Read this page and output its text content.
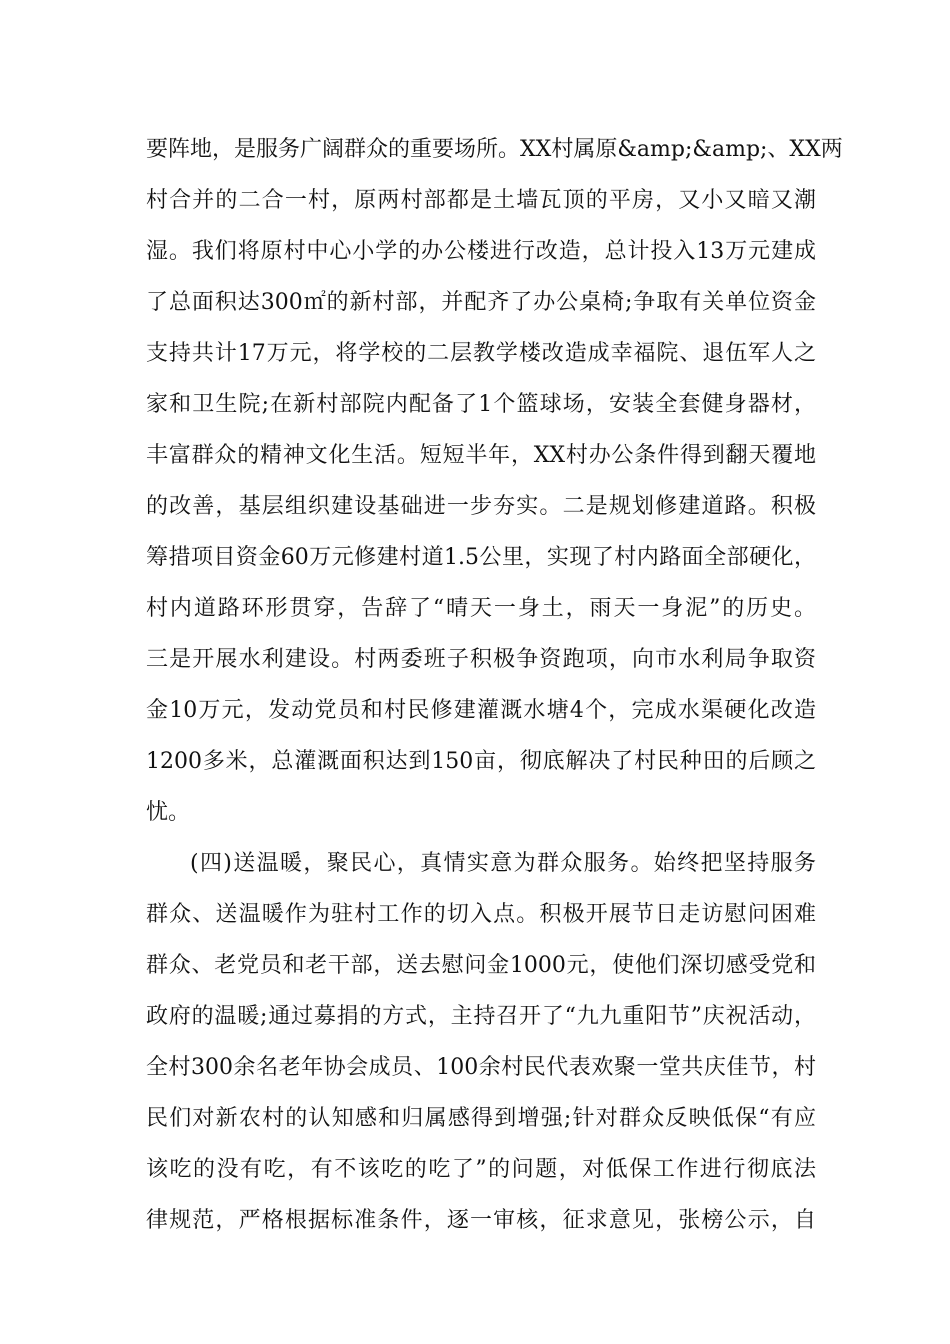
要阵地，是服务广阔群众的重要场所。XX村属原&amp;&amp;、XX两
村合并的二合一村，原两村部都是土墙瓦顶的平房，又小又暗又潮
湿。我们将原村中心小学的办公楼进行改造，总计投入13万元建成
了总面积达300㎡的新村部，并配齐了办公桌椅;争取有关单位资金
支持共计17万元，将学校的二层教学楼改造成幸福院、退伍军人之
家和卫生院;在新村部院内配备了1个篮球场，安装全套健身器材，
丰富群众的精神文化生活。短短半年，XX村办公条件得到翻天覆地
的改善，基层组织建设基础进一步夯实。二是规划修建道路。积极
筹措项目资金60万元修建村道1.5公里，实现了村内路面全部硬化，
村内道路环形贯穿，告辞了“晴天一身土，雨天一身泥”的历史。
三是开展水利建设。村两委班子积极争资跑项，向市水利局争取资
金10万元，发动党员和村民修建灌溉水塘4个，完成水渠硬化改造
1200多米，总灌溉面积达到150亩，彻底解决了村民种田的后顾之
忧。
(四)送温暖，聚民心，真情实意为群众服务。始终把坚持服务
群众、送温暖作为驻村工作的切入点。积极开展节日走访慰问困难
群众、老党员和老干部，送去慰问金1000元，使他们深切感受党和
政府的温暖;通过募捐的方式，主持召开了“九九重阳节”庆祝活动，
全村300余名老年协会成员、100余村民代表欢聚一堂共庆佳节，村
民们对新农村的认知感和归属感得到增强;针对群众反映低保“有应
该吃的没有吃，有不该吃的吃了”的问题，对低保工作进行彻底法
律规范，严格根据标准条件，逐一审核，征求意见，张榜公示，自
